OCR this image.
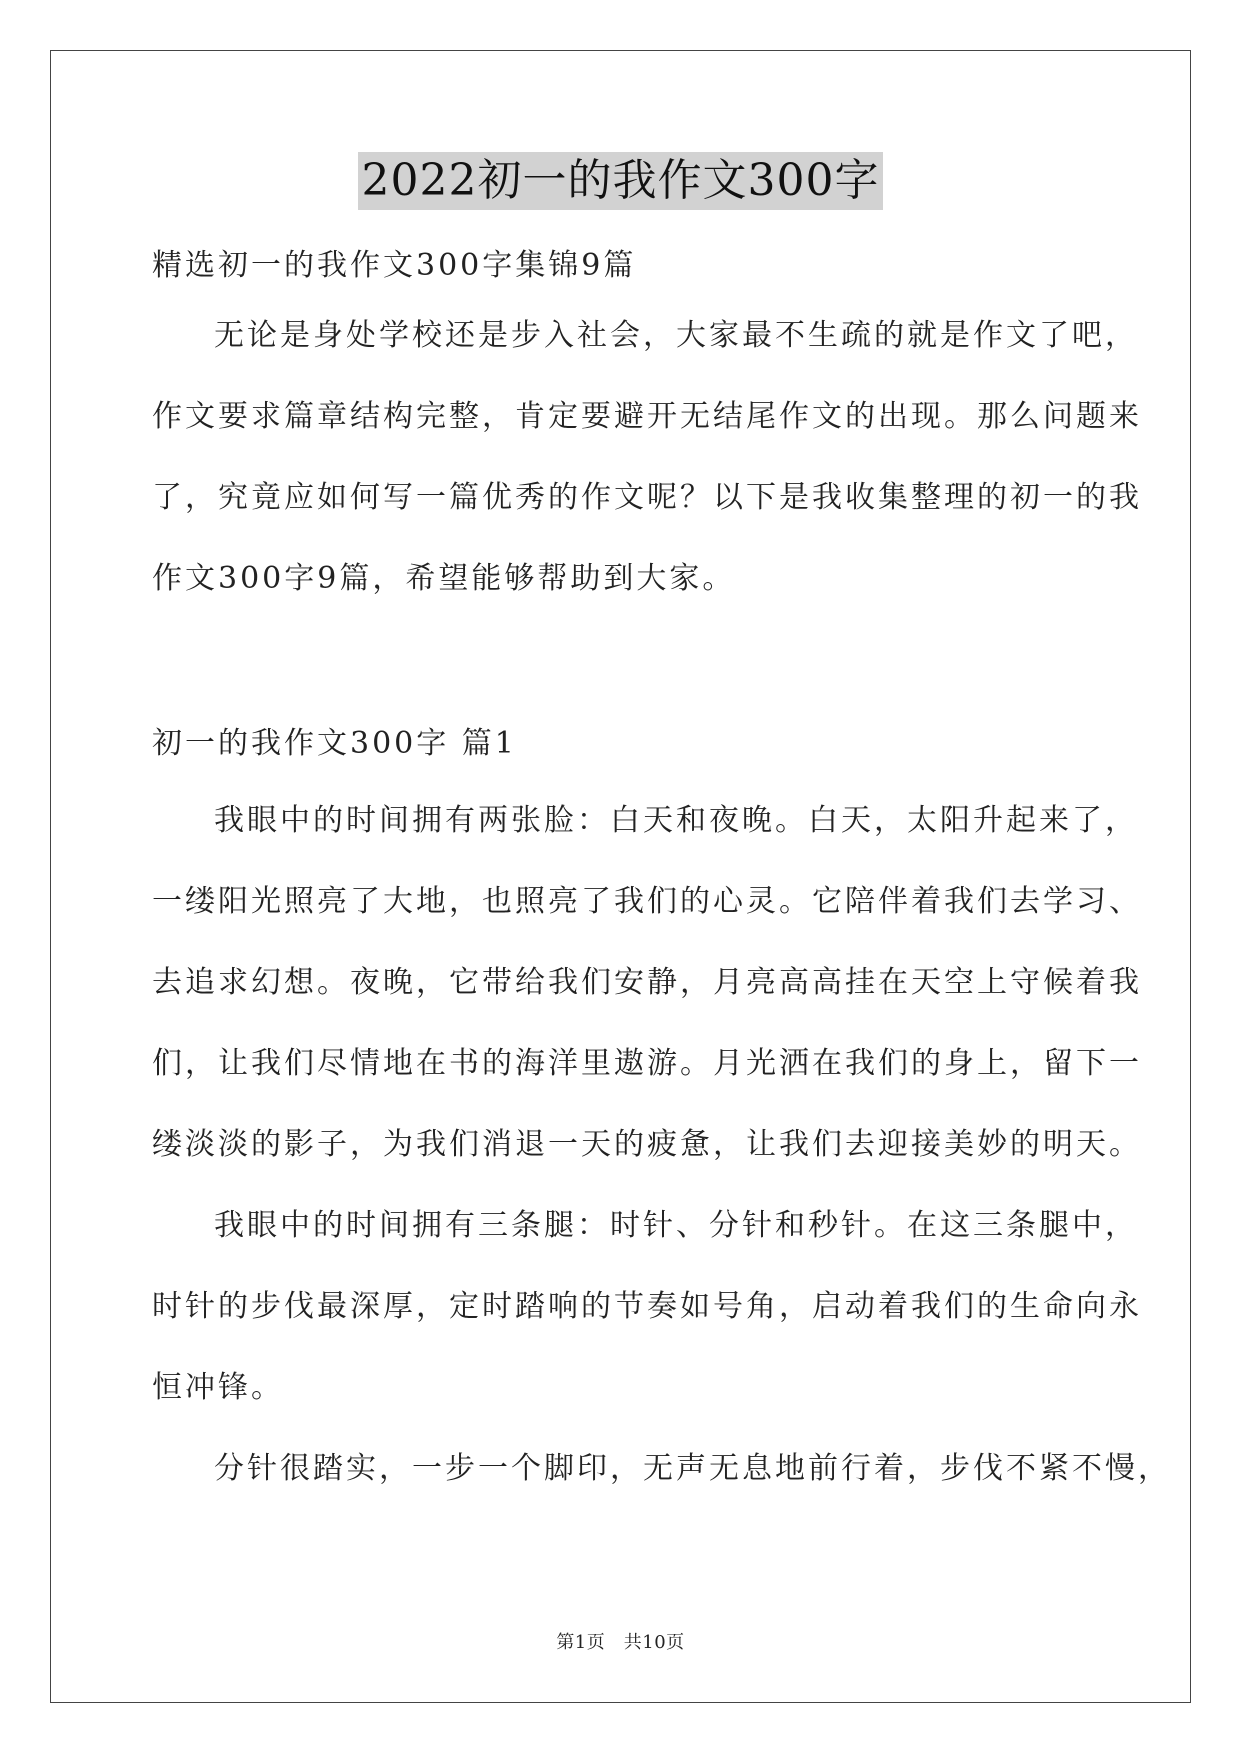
2022初一的我作文300字
精选初一的我作文300字集锦9篇
无论是身处学校还是步入社会，大家最不生疏的就是作文了吧，
作文要求篇章结构完整，肯定要避开无结尾作文的出现。那么问题来
了，究竟应如何写一篇优秀的作文呢？以下是我收集整理的初一的我
作文300字9篇，希望能够帮助到大家。
初一的我作文300字 篇1
我眼中的时间拥有两张脸：白天和夜晚。白天，太阳升起来了，
一缕阳光照亮了大地，也照亮了我们的心灵。它陪伴着我们去学习、
去追求幻想。夜晚，它带给我们安静，月亮高高挂在天空上守候着我
们，让我们尽情地在书的海洋里遨游。月光洒在我们的身上，留下一
缕淡淡的影子，为我们消退一天的疲惫，让我们去迎接美妙的明天。
我眼中的时间拥有三条腿：时针、分针和秒针。在这三条腿中，
时针的步伐最深厚，定时踏响的节奏如号角，启动着我们的生命向永
恒冲锋。
分针很踏实，一步一个脚印，无声无息地前行着，步伐不紧不慢，
第1页　共10页
